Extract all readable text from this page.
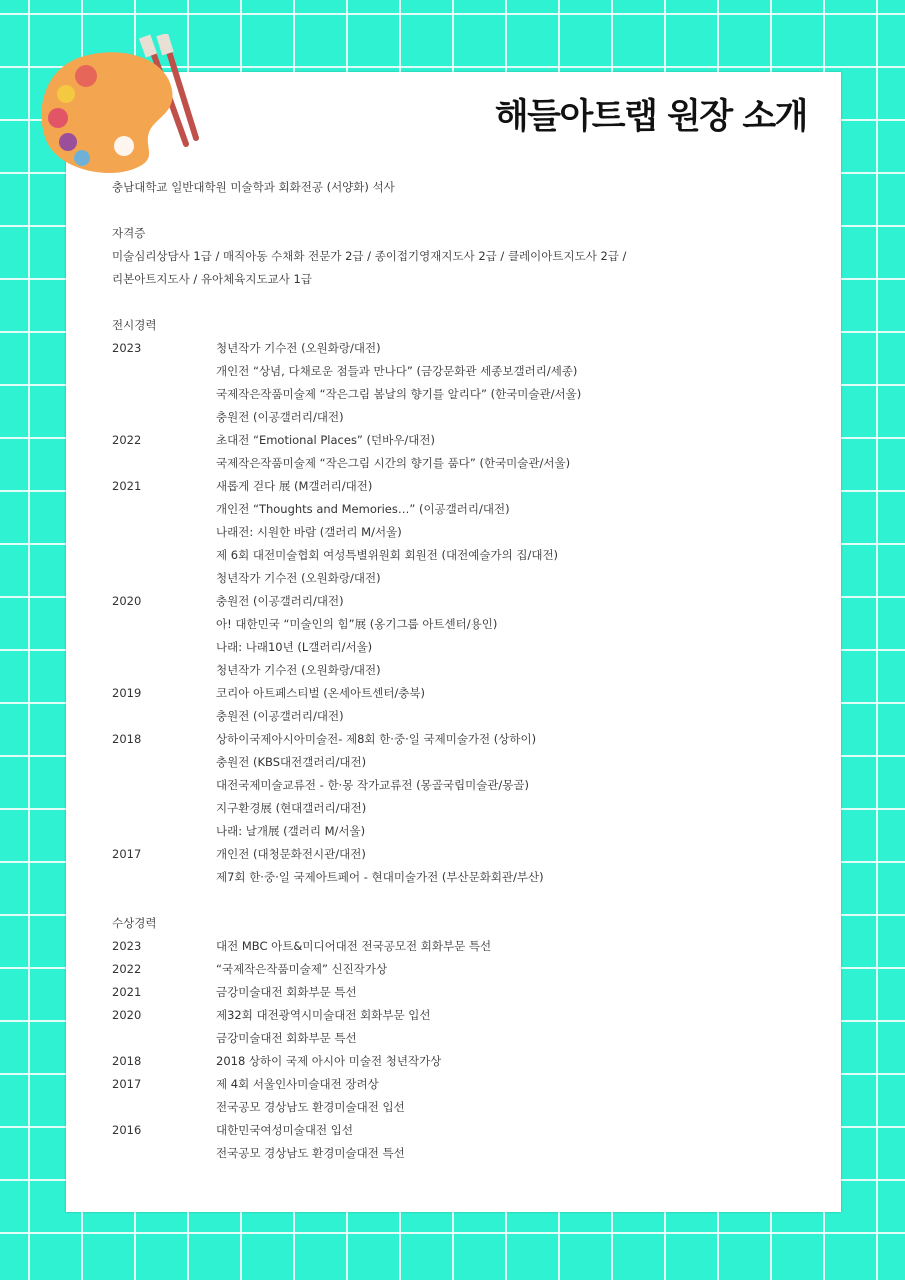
해들아트랩 원장 소개
충남대학교 일반대학원 미술학과 회화전공 (서양화) 석사
자격증
미술심리상담사 1급 / 매직아동 수채화 전문가 2급 / 종이접기영재지도사 2급 / 클레이아트지도사 2급 /
리본아트지도사 / 유아체육지도교사 1급
전시경력
2023	청년작가 기수전 (오원화랑/대전)
개인전 “상념, 다채로운 점들과 만나다” (금강문화관 세종보갤러리/세종)
국제작은작품미술제 “작은그림 봄날의 향기를 알리다” (한국미술관/서울)
충원전 (이공갤러리/대전)
2022	초대전 “Emotional Places” (던바우/대전)
국제작은작품미술제 “작은그림 시간의 향기를 품다” (한국미술관/서울)
2021	새롭게 걷다 展 (M갤러리/대전)
개인전 “Thoughts and Memories…” (이공갤러리/대전)
나래전: 시원한 바람 (갤러리 M/서울)
제 6회 대전미술협회 여성특별위원회 회원전 (대전예술가의 집/대전)
청년작가 기수전 (오원화랑/대전)
2020	충원전 (이공갤러리/대전)
아! 대한민국 “미술인의 힘”展 (옹기그룹 아트센터/용인)
나래: 나래10년 (L갤러리/서울)
청년작가 기수전 (오원화랑/대전)
2019	코리아 아트페스티벌 (온세아트센터/충북)
충원전 (이공갤러리/대전)
2018	상하이국제아시아미술전- 제8회 한·중·일 국제미술가전 (상하이)
충원전 (KBS대전갤러리/대전)
대전국제미술교류전 - 한·몽 작가교류전 (몽골국립미술관/몽골)
지구환경展 (현대갤러리/대전)
나래: 날개展 (갤러리 M/서울)
2017	개인전 (대청문화전시관/대전)
제7회 한·중·일 국제아트페어 - 현대미술가전 (부산문화회관/부산)
수상경력
2023	대전 MBC 아트&미디어대전 전국공모전 회화부문 특선
2022	“국제작은작품미술제” 신진작가상
2021	금강미술대전 회화부문 특선
2020	제32회 대전광역시미술대전 회화부문 입선
금강미술대전 회화부문 특선
2018	2018 상하이 국제 아시아 미술전 청년작가상
2017	제 4회 서울인사미술대전 장려상
전국공모 경상남도 환경미술대전 입선
2016	대한민국여성미술대전 입선
전국공모 경상남도 환경미술대전 특선
